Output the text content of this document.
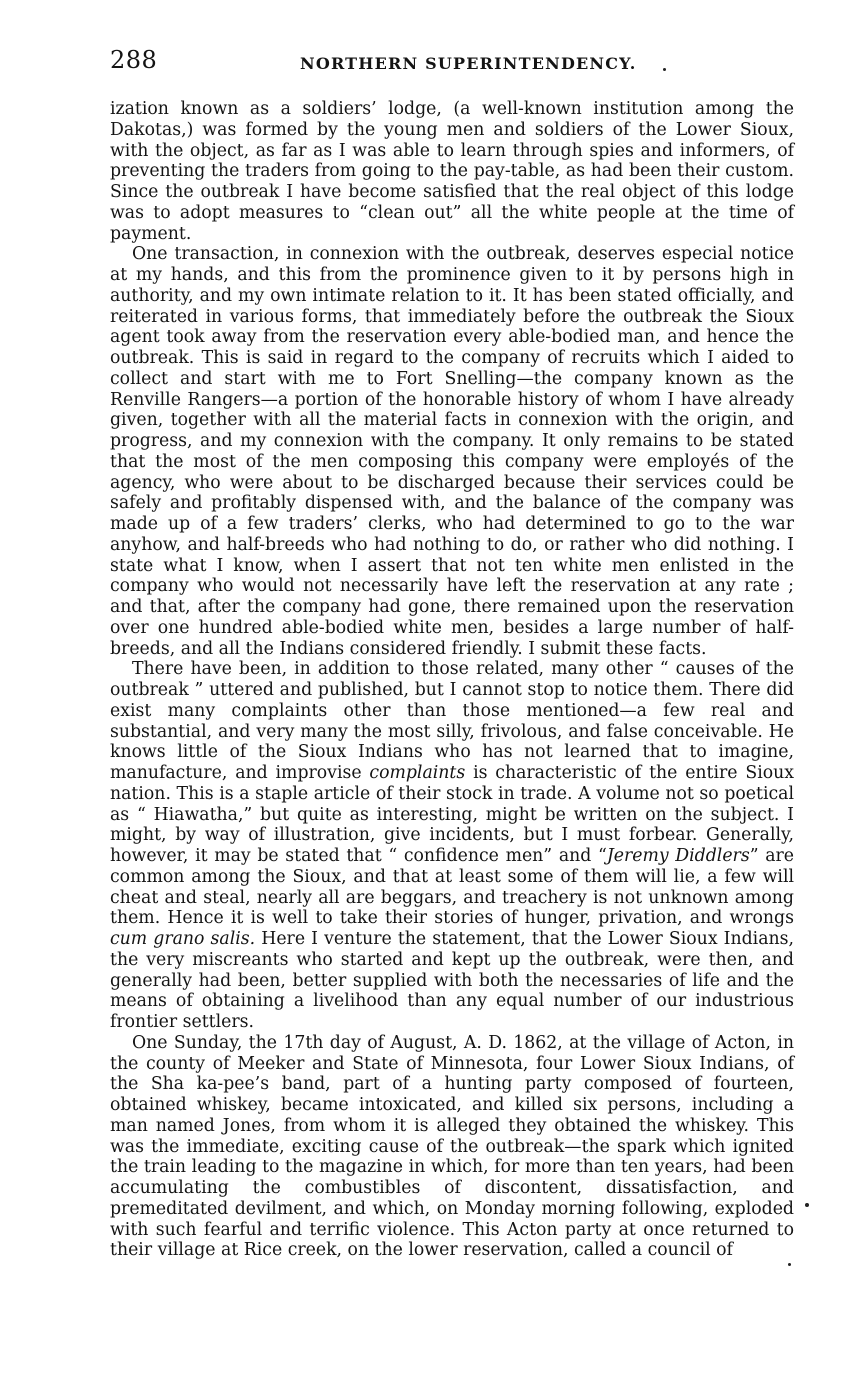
288	NORTHERN SUPERINTENDENCY.

ization known as a soldiers’ lodge, (a well-known institution among the Dakotas,) was formed by the young men and soldiers of the Lower Sioux, with the object, as far as I was able to learn through spies and informers, of preventing the traders from going to the pay-table, as had been their custom. Since the outbreak I have become satisfied that the real object of this lodge was to adopt measures to “clean out” all the white people at the time of payment.

One transaction, in connexion with the outbreak, deserves especial notice at my hands, and this from the prominence given to it by persons high in authority, and my own intimate relation to it. It has been stated officially, and reiterated in various forms, that immediately before the outbreak the Sioux agent took away from the reservation every able-bodied man, and hence the outbreak. This is said in regard to the company of recruits which I aided to collect and start with me to Fort Snelling—the company known as the Renville Rangers—a portion of the honorable history of whom I have already given, together with all the material facts in connexion with the origin, and progress, and my connexion with the company. It only remains to be stated that the most of the men composing this company were employés of the agency, who were about to be discharged because their services could be safely and profitably dispensed with, and the balance of the company was made up of a few traders’ clerks, who had determined to go to the war anyhow, and half-breeds who had nothing to do, or rather who did nothing. I state what I know, when I assert that not ten white men enlisted in the company who would not necessarily have left the reservation at any rate ; and that, after the company had gone, there remained upon the reservation over one hundred able-bodied white men, besides a large number of half-breeds, and all the Indians considered friendly. I submit these facts.

There have been, in addition to those related, many other “ causes of the outbreak ” uttered and published, but I cannot stop to notice them. There did exist many complaints other than those mentioned—a few real and substantial, and very many the most silly, frivolous, and false conceivable. He knows little of the Sioux Indians who has not learned that to imagine, manufacture, and improvise complaints is characteristic of the entire Sioux nation. This is a staple article of their stock in trade. A volume not so poetical as “ Hiawatha,” but quite as interesting, might be written on the subject. I might, by way of illustration, give incidents, but I must forbear. Generally, however, it may be stated that “ confidence men” and “Jeremy Diddlers” are common among the Sioux, and that at least some of them will lie, a few will cheat and steal, nearly all are beggars, and treachery is not unknown among them. Hence it is well to take their stories of hunger, privation, and wrongs cum grano salis. Here I venture the statement, that the Lower Sioux Indians, the very miscreants who started and kept up the outbreak, were then, and generally had been, better supplied with both the necessaries of life and the means of obtaining a livelihood than any equal number of our industrious frontier settlers.

One Sunday, the 17th day of August, A. D. 1862, at the village of Acton, in the county of Meeker and State of Minnesota, four Lower Sioux Indians, of the Sha ka-pee’s band, part of a hunting party composed of fourteen, obtained whiskey, became intoxicated, and killed six persons, including a man named Jones, from whom it is alleged they obtained the whiskey. This was the immediate, exciting cause of the outbreak—the spark which ignited the train leading to the magazine in which, for more than ten years, had been accumulating the combustibles of discontent, dissatisfaction, and premeditated devilment, and which, on Monday morning following, exploded with such fearful and terrific violence. This Acton party at once returned to their village at Rice creek, on the lower reservation, called a council of
